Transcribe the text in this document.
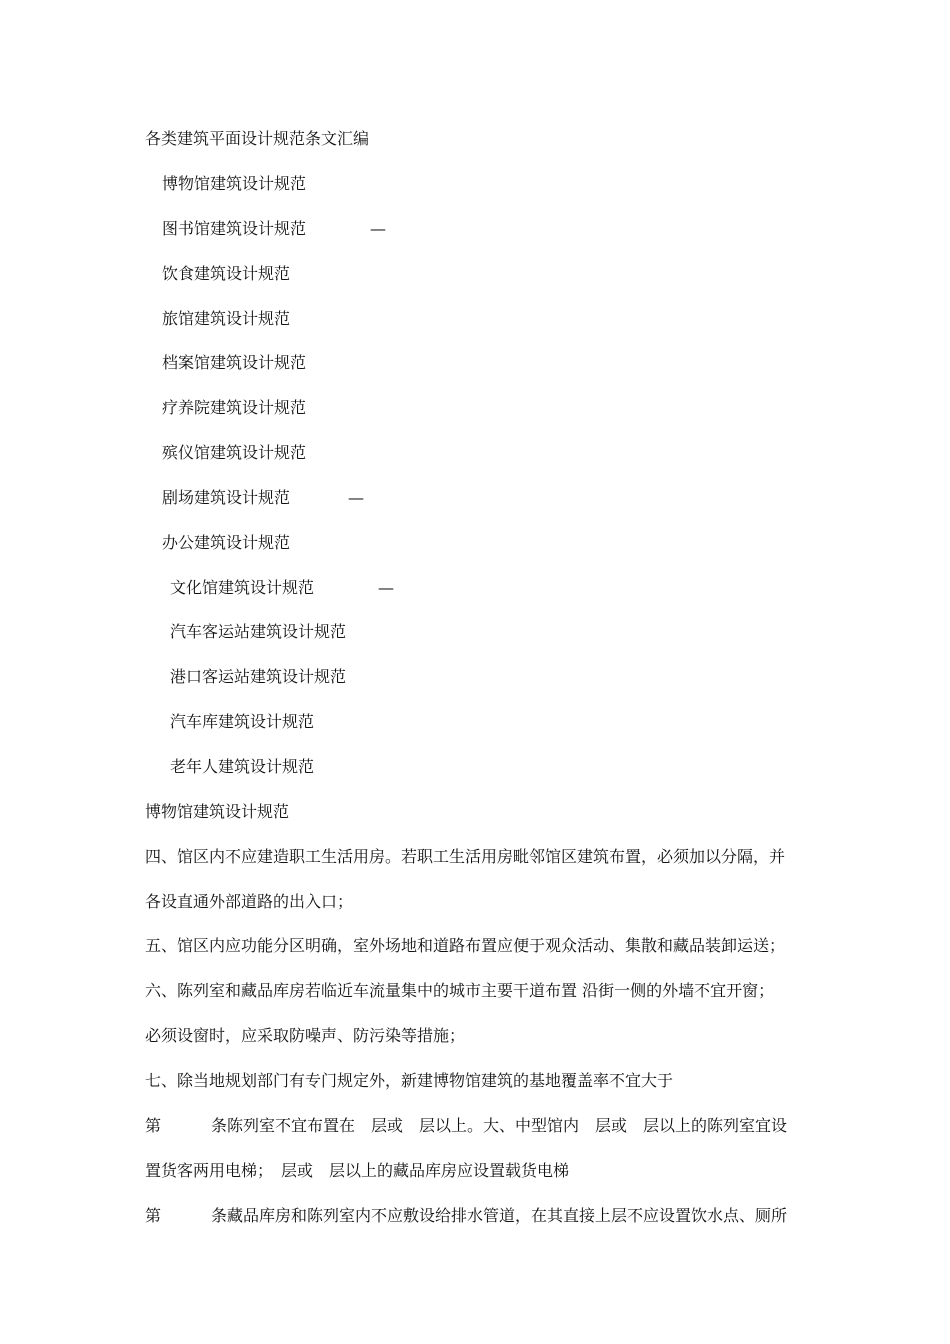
各类建筑平面设计规范条文汇编
博物馆建筑设计规范
图书馆建筑设计规范	—
饮食建筑设计规范
旅馆建筑设计规范
档案馆建筑设计规范
疗养院建筑设计规范
殡仪馆建筑设计规范
剧场建筑设计规范	—
办公建筑设计规范
文化馆建筑设计规范	—
汽车客运站建筑设计规范
港口客运站建筑设计规范
汽车库建筑设计规范
老年人建筑设计规范
博物馆建筑设计规范
四、馆区内不应建造职工生活用房。若职工生活用房毗邻馆区建筑布置，必须加以分隔，并
各设直通外部道路的出入口；
五、馆区内应功能分区明确，室外场地和道路布置应便于观众活动、集散和藏品装卸运送；
六、陈列室和藏品库房若临近车流量集中的城市主要干道布置 沿街一侧的外墙不宜开窗；
必须设窗时，应采取防噪声、防污染等措施；
七、除当地规划部门有专门规定外，新建博物馆建筑的基地覆盖率不宜大于
第	条陈列室不宜布置在　层或　层以上。大、中型馆内　层或　层以上的陈列室宜设
置货客两用电梯；　层或　层以上的藏品库房应设置载货电梯
第	条藏品库房和陈列室内不应敷设给排水管道，在其直接上层不应设置饮水点、厕所
